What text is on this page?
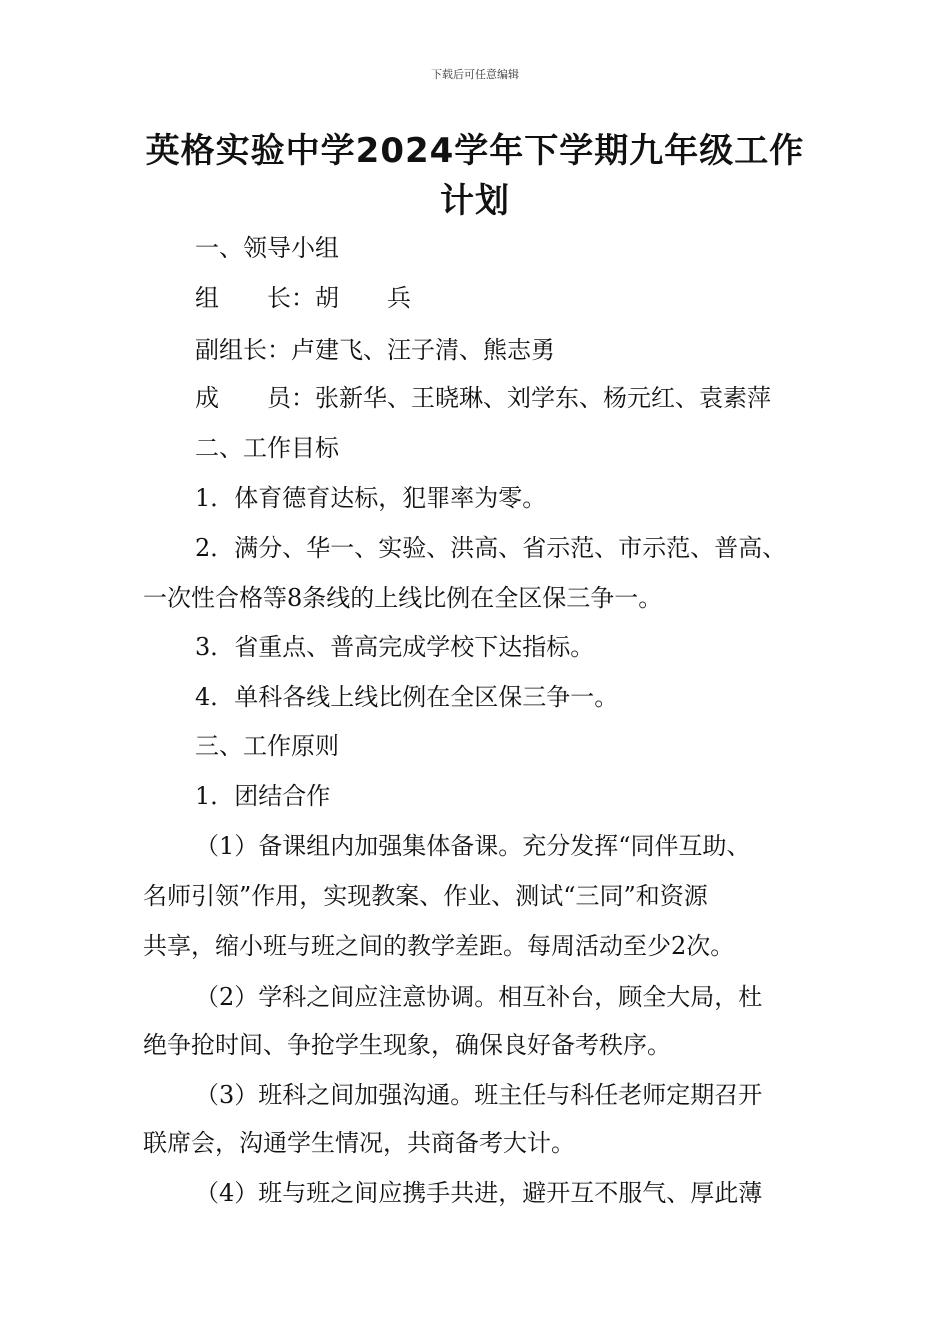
下载后可任意编辑
英格实验中学2024学年下学期九年级工作
计划
一、领导小组
组　　长：胡　　兵
副组长：卢建飞、汪子清、熊志勇
成　　员：张新华、王晓琳、刘学东、杨元红、袁素萍
二、工作目标
1．体育德育达标，犯罪率为零。
2．满分、华一、实验、洪高、省示范、市示范、普高、
一次性合格等8条线的上线比例在全区保三争一。
3．省重点、普高完成学校下达指标。
4．单科各线上线比例在全区保三争一。
三、工作原则
1．团结合作
（1）备课组内加强集体备课。充分发挥“同伴互助、
名师引领”作用，实现教案、作业、测试“三同”和资源
共享，缩小班与班之间的教学差距。每周活动至少2次。
（2）学科之间应注意协调。相互补台，顾全大局，杜
绝争抢时间、争抢学生现象，确保良好备考秩序。
（3）班科之间加强沟通。班主任与科任老师定期召开
联席会，沟通学生情况，共商备考大计。
（4）班与班之间应携手共进，避开互不服气、厚此薄
